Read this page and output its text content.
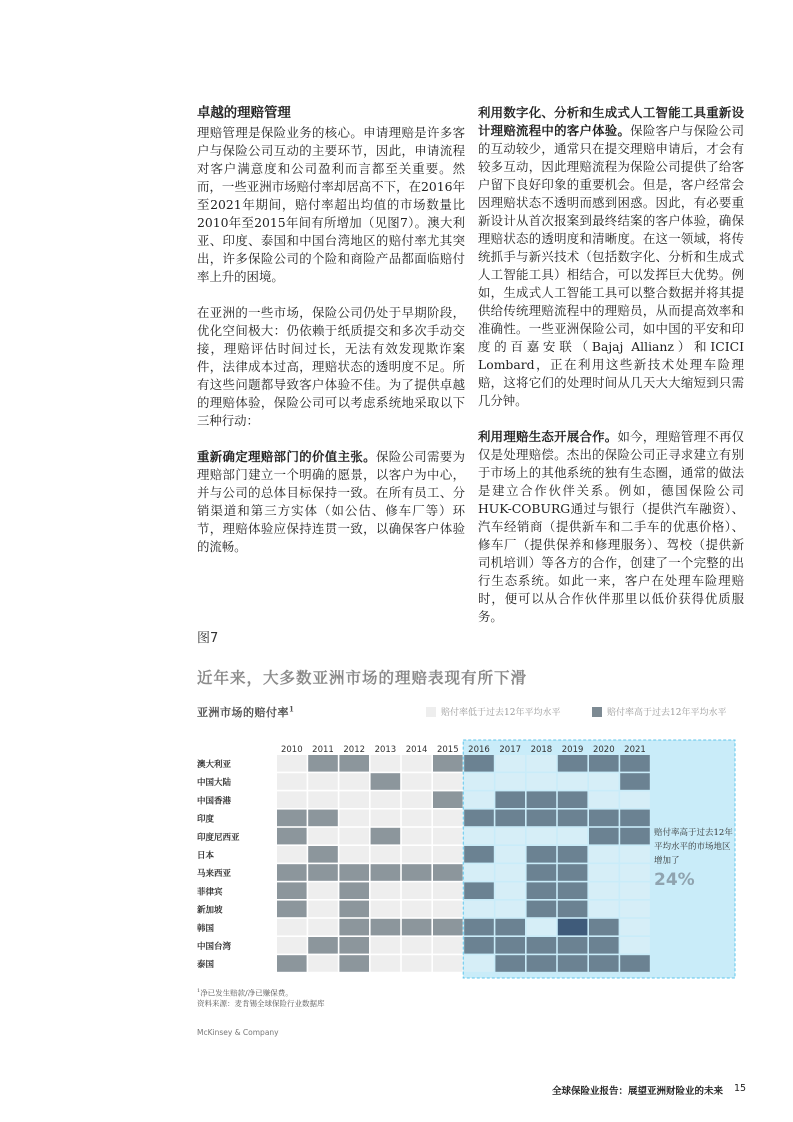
卓越的理赔管理

理赔管理是保险业务的核心。申请理赔是许多客户与保险公司互动的主要环节，因此，申请流程对客户满意度和公司盈利而言都至关重要。然而，一些亚洲市场赔付率却居高不下，在2016年至2021年期间，赔付率超出均值的市场数量比2010年至2015年间有所增加（见图7）。澳大利亚、印度、泰国和中国台湾地区的赔付率尤其突出，许多保险公司的个险和商险产品都面临赔付率上升的困境。

在亚洲的一些市场，保险公司仍处于早期阶段，优化空间极大：仍依赖于纸质提交和多次手动交接，理赔评估时间过长，无法有效发现欺诈案件，法律成本过高，理赔状态的透明度不足。所有这些问题都导致客户体验不佳。为了提供卓越的理赔体验，保险公司可以考虑系统地采取以下三种行动：

重新确定理赔部门的价值主张。保险公司需要为理赔部门建立一个明确的愿景，以客户为中心，并与公司的总体目标保持一致。在所有员工、分销渠道和第三方实体（如公估、修车厂等）环节，理赔体验应保持连贯一致，以确保客户体验的流畅。

利用数字化、分析和生成式人工智能工具重新设计理赔流程中的客户体验。保险客户与保险公司的互动较少，通常只在提交理赔申请后，才会有较多互动，因此理赔流程为保险公司提供了给客户留下良好印象的重要机会。但是，客户经常会因理赔状态不透明而感到困惑。因此，有必要重新设计从首次报案到最终结案的客户体验，确保理赔状态的透明度和清晰度。在这一领域，将传统抓手与新兴技术（包括数字化、分析和生成式人工智能工具）相结合，可以发挥巨大优势。例如，生成式人工智能工具可以整合数据并将其提供给传统理赔流程中的理赔员，从而提高效率和准确性。一些亚洲保险公司，如中国的平安和印度的百嘉安联（Bajaj Allianz）和ICICI Lombard，正在利用这些新技术处理车险理赔，这将它们的处理时间从几天大大缩短到只需几分钟。

利用理赔生态开展合作。如今，理赔管理不再仅仅是处理赔偿。杰出的保险公司正寻求建立有别于市场上的其他系统的独有生态圈，通常的做法是建立合作伙伴关系。例如，德国保险公司HUK-COBURG通过与银行（提供汽车融资）、汽车经销商（提供新车和二手车的优惠价格）、修车厂（提供保养和修理服务）、驾校（提供新司机培训）等各方的合作，创建了一个完整的出行生态系统。如此一来，客户在处理车险理赔时，便可以从合作伙伴那里以低价获得优质服务。

图7
近年来，大多数亚洲市场的理赔表现有所下滑
亚洲市场的赔付率$^1$	赔付率低于过去12年平均水平	赔付率高于过去12年平均水平
2010 2011 2012 2013 2014 2015 2016 2017 2018 2019 2020 2021
澳大利亚
中国大陆
中国香港
印度
印度尼西亚
日本
马来西亚
菲律宾
新加坡
韩国
中国台湾
泰国
赔付率高于过去12年平均水平的市场地区增加了
24%
$^1$净已发生赔款/净已赚保费。
资料来源：麦肯锡全球保险行业数据库
McKinsey & Company
全球保险业报告：展望亚洲财险业的未来 15
